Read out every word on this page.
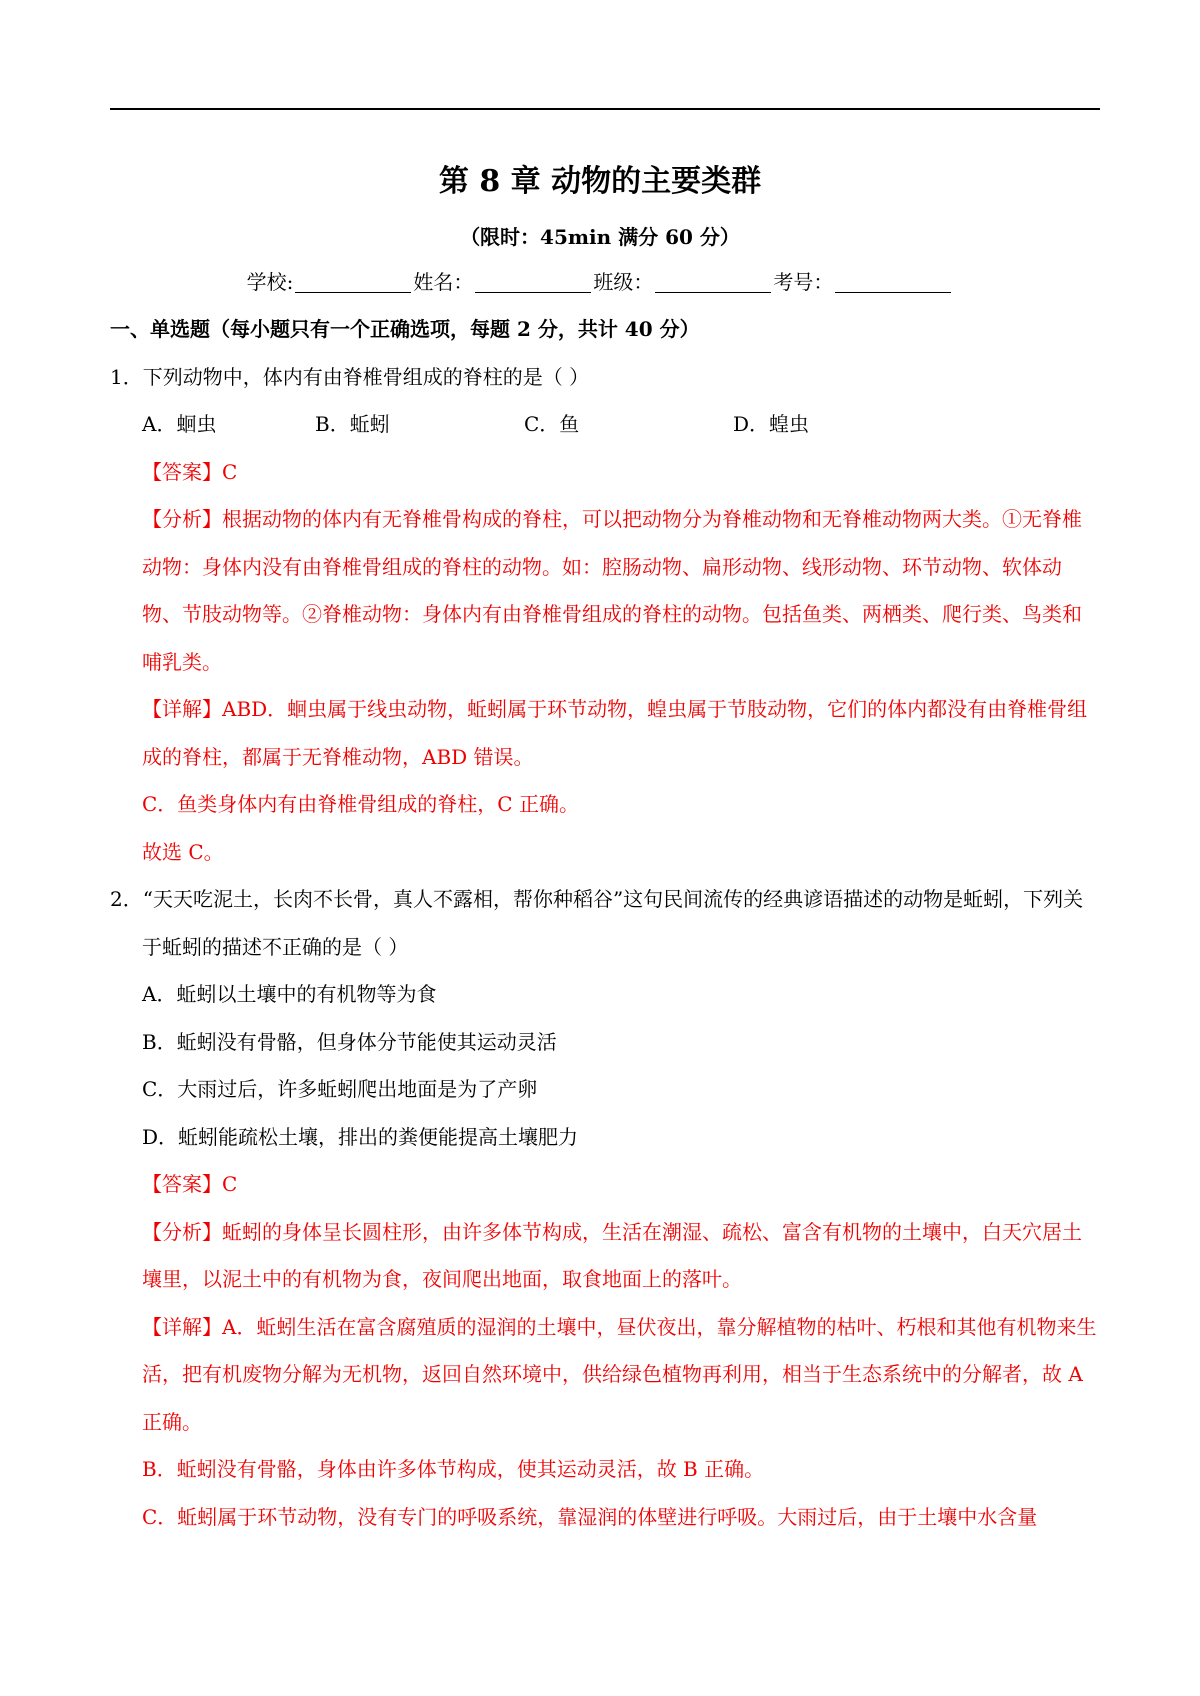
第 8 章 动物的主要类群
（限时：45min 满分 60 分）
学校:	姓名：	班级：	考号：

一、单选题（每小题只有一个正确选项，每题 2 分，共计 40 分）

1．下列动物中，体内有由脊椎骨组成的脊柱的是（ ）

A．蛔虫	B．蚯蚓	C．鱼	D．蝗虫

【答案】C

【分析】根据动物的体内有无脊椎骨构成的脊柱，可以把动物分为脊椎动物和无脊椎动物两大类。①无脊椎动物：身体内没有由脊椎骨组成的脊柱的动物。如：腔肠动物、扁形动物、线形动物、环节动物、软体动物、节肢动物等。②脊椎动物：身体内有由脊椎骨组成的脊柱的动物。包括鱼类、两栖类、爬行类、鸟类和哺乳类。

【详解】ABD．蛔虫属于线虫动物，蚯蚓属于环节动物，蝗虫属于节肢动物，它们的体内都没有由脊椎骨组成的脊柱，都属于无脊椎动物，ABD 错误。

C．鱼类身体内有由脊椎骨组成的脊柱，C 正确。

故选 C。

2．“天天吃泥土，长肉不长骨，真人不露相，帮你种稻谷”这句民间流传的经典谚语描述的动物是蚯蚓，下列关于蚯蚓的描述不正确的是（ ）

A．蚯蚓以土壤中的有机物等为食

B．蚯蚓没有骨骼，但身体分节能使其运动灵活

C．大雨过后，许多蚯蚓爬出地面是为了产卵

D．蚯蚓能疏松土壤，排出的粪便能提高土壤肥力

【答案】C

【分析】蚯蚓的身体呈长圆柱形，由许多体节构成，生活在潮湿、疏松、富含有机物的土壤中，白天穴居土壤里，以泥土中的有机物为食，夜间爬出地面，取食地面上的落叶。

【详解】A．蚯蚓生活在富含腐殖质的湿润的土壤中，昼伏夜出，靠分解植物的枯叶、朽根和其他有机物来生活，把有机废物分解为无机物，返回自然环境中，供给绿色植物再利用，相当于生态系统中的分解者，故 A 正确。

B．蚯蚓没有骨骼，身体由许多体节构成，使其运动灵活，故 B 正确。

C．蚯蚓属于环节动物，没有专门的呼吸系统，靠湿润的体壁进行呼吸。大雨过后，由于土壤中水含量
